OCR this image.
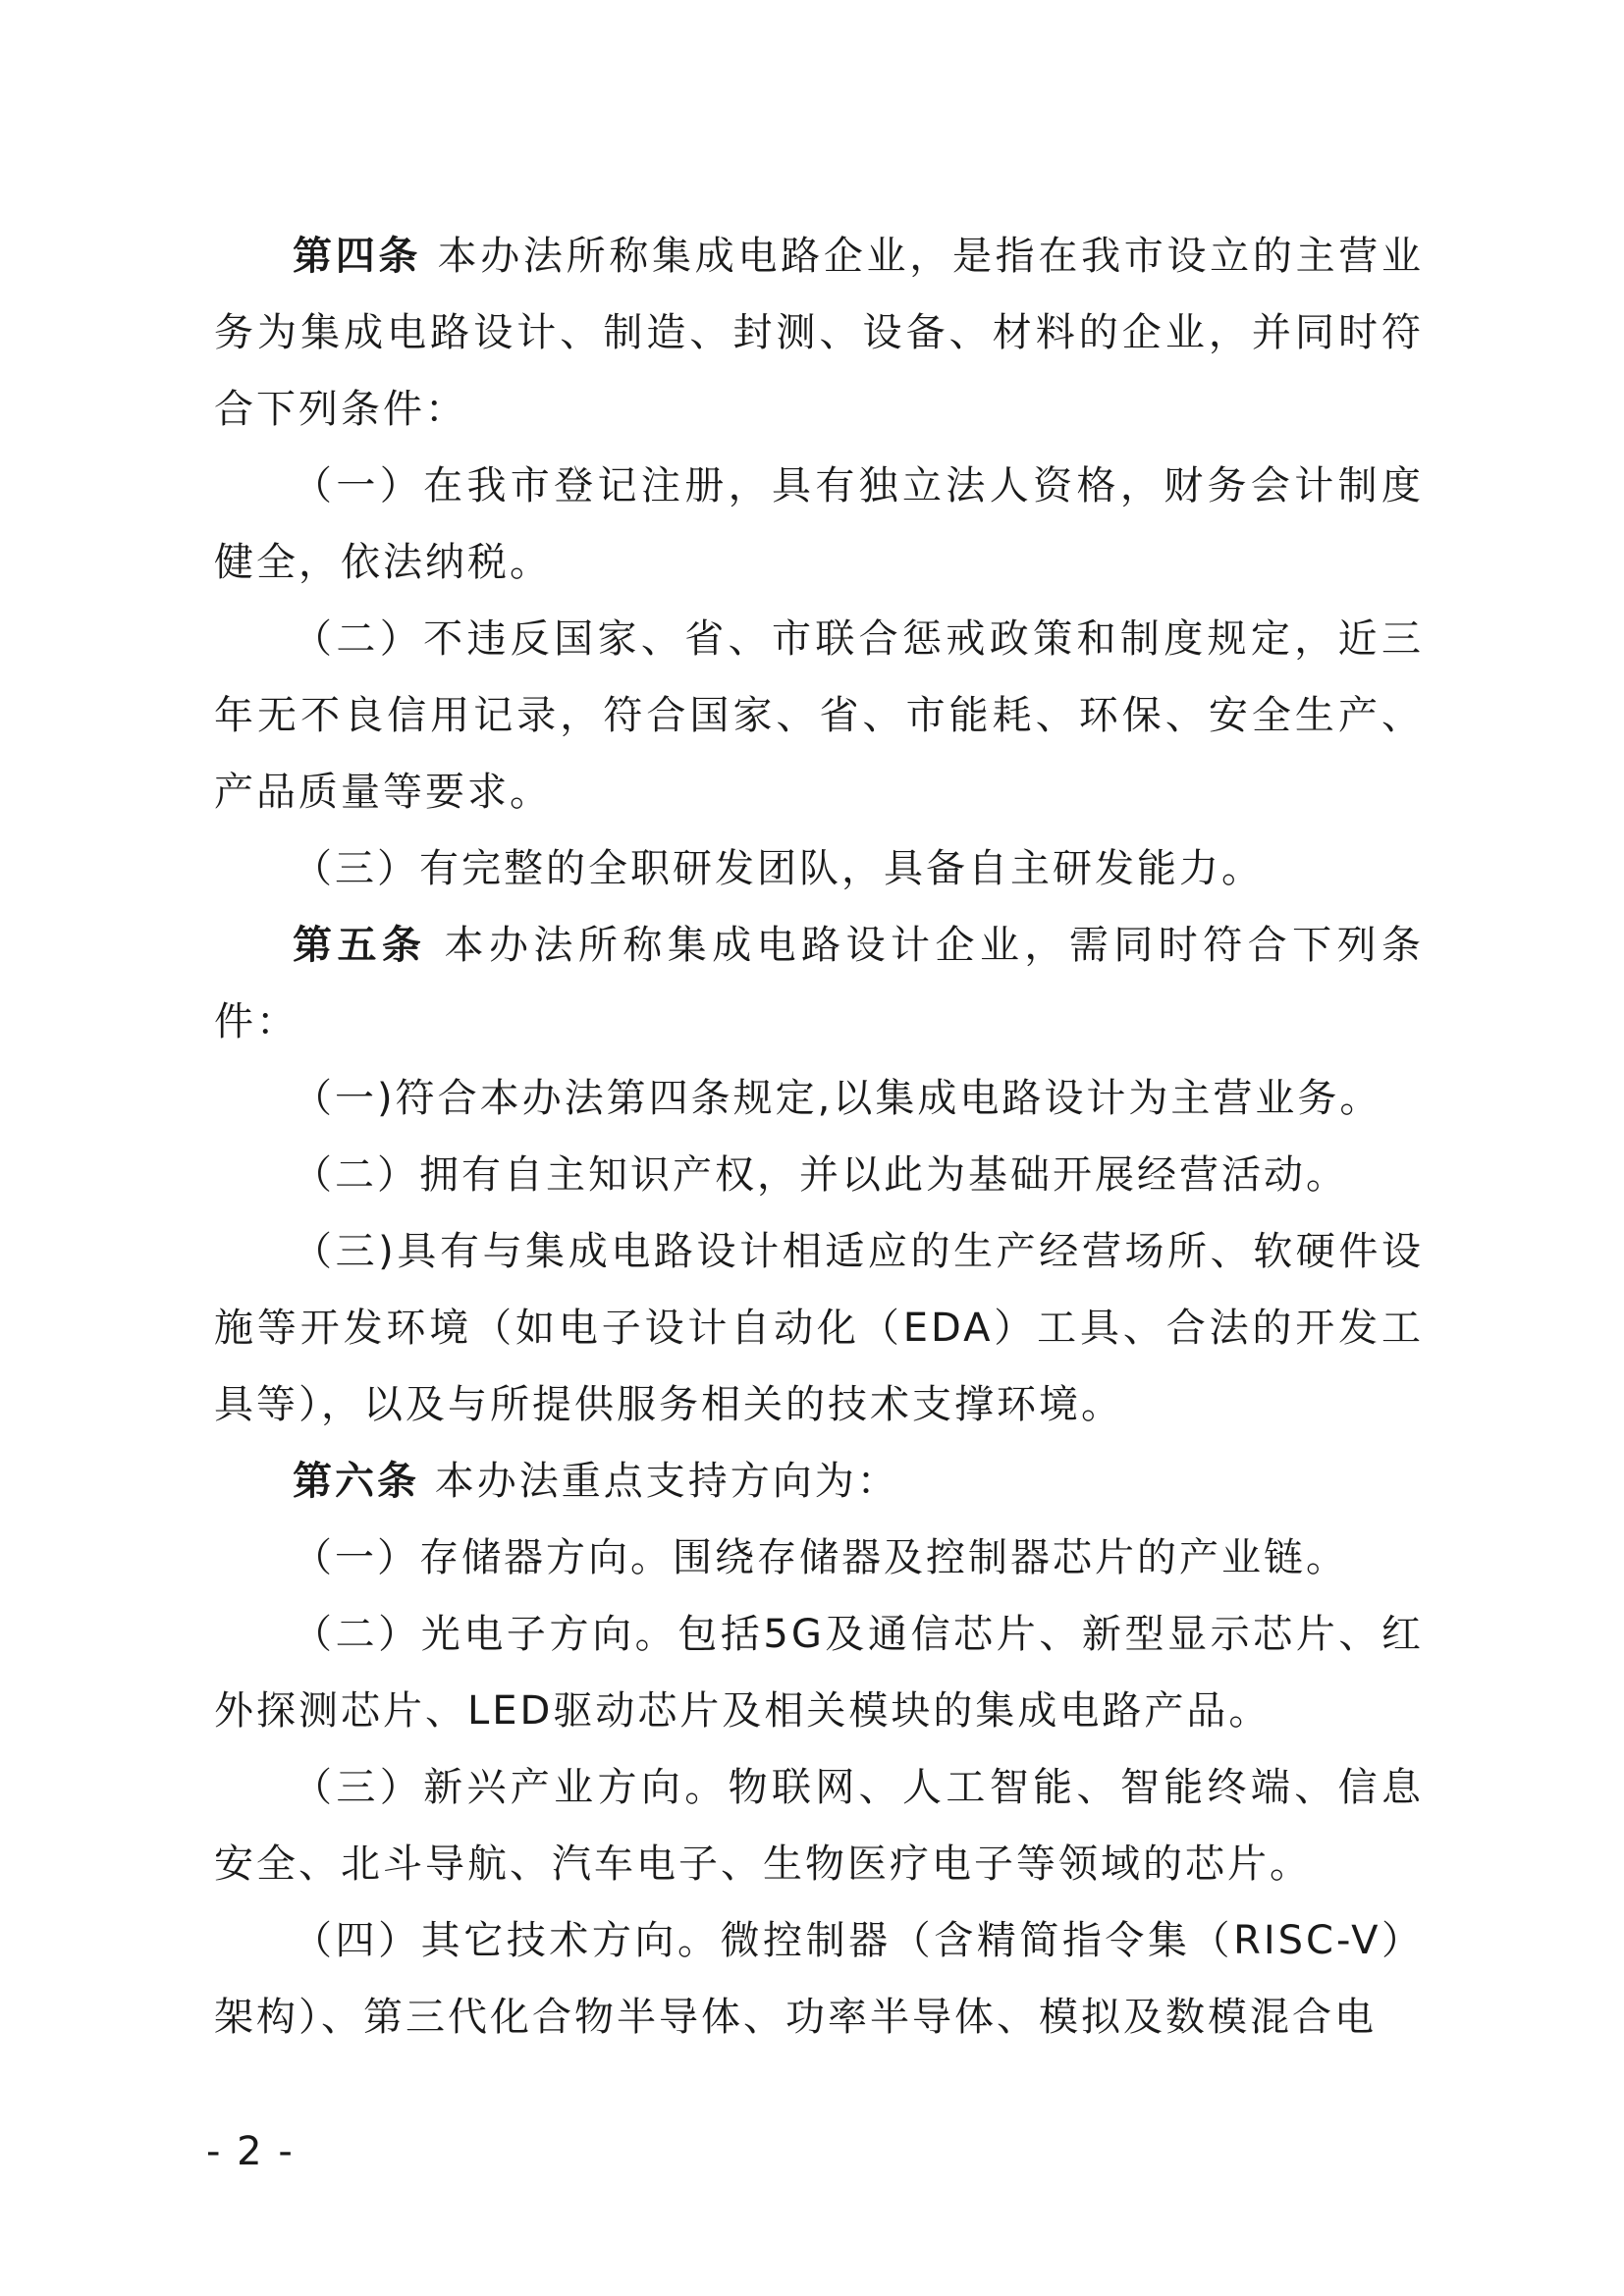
第四条 本办法所称集成电路企业，是指在我市设立的主营业务为集成电路设计、制造、封测、设备、材料的企业，并同时符合下列条件：

（一）在我市登记注册，具有独立法人资格，财务会计制度健全，依法纳税。

（二）不违反国家、省、市联合惩戒政策和制度规定，近三年无不良信用记录，符合国家、省、市能耗、环保、安全生产、产品质量等要求。

（三）有完整的全职研发团队，具备自主研发能力。

第五条 本办法所称集成电路设计企业，需同时符合下列条件：

（一)符合本办法第四条规定,以集成电路设计为主营业务。

（二）拥有自主知识产权，并以此为基础开展经营活动。

（三)具有与集成电路设计相适应的生产经营场所、软硬件设施等开发环境（如电子设计自动化（EDA）工具、合法的开发工具等），以及与所提供服务相关的技术支撑环境。

第六条 本办法重点支持方向为：

（一）存储器方向。围绕存储器及控制器芯片的产业链。

（二）光电子方向。包括5G及通信芯片、新型显示芯片、红外探测芯片、LED驱动芯片及相关模块的集成电路产品。

（三）新兴产业方向。物联网、人工智能、智能终端、信息安全、北斗导航、汽车电子、生物医疗电子等领域的芯片。

（四）其它技术方向。微控制器（含精简指令集（RISC-V）架构）、第三代化合物半导体、功率半导体、模拟及数模混合电

- 2 -
